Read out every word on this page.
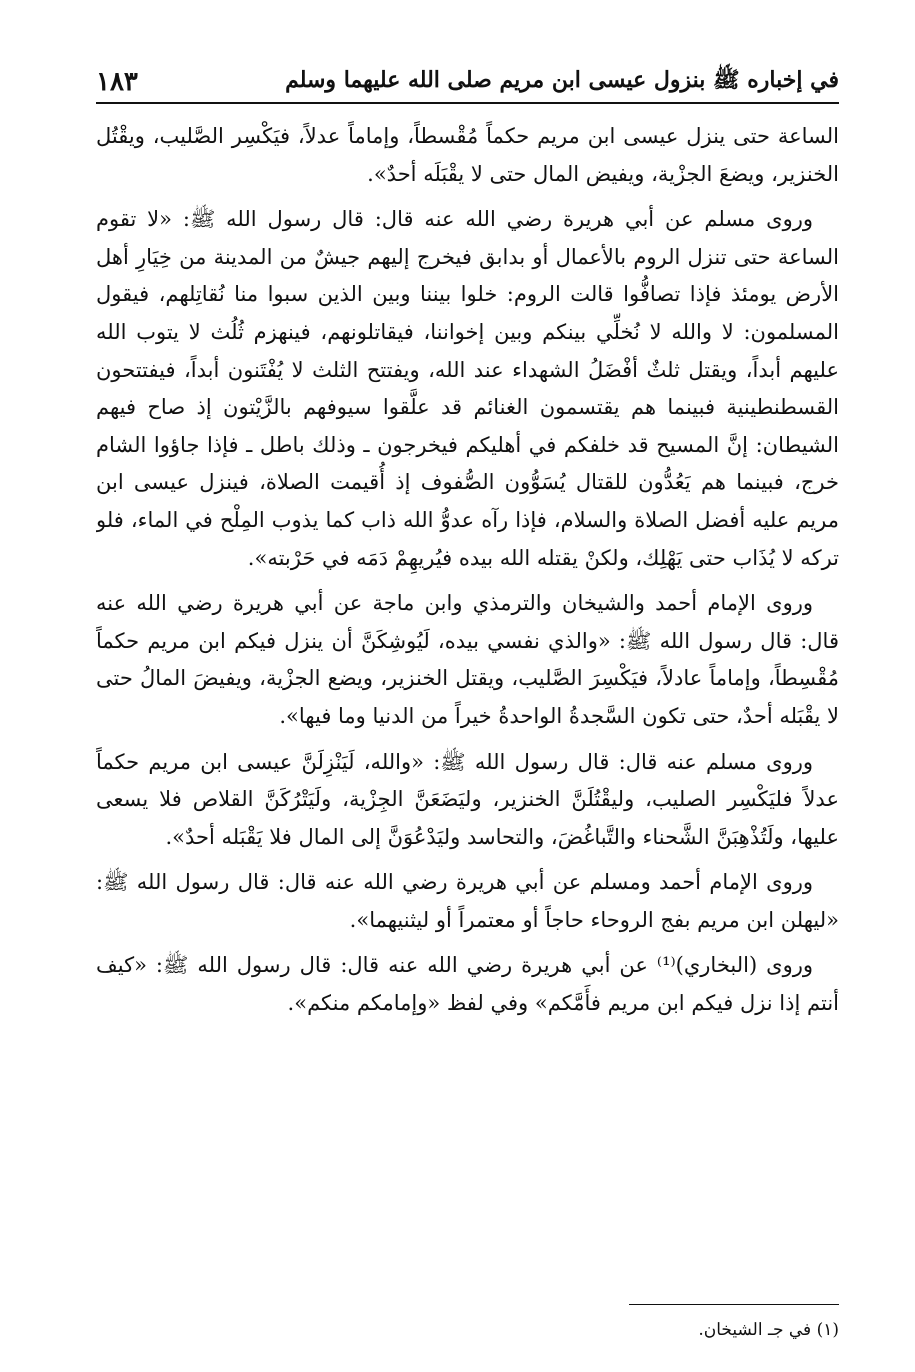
في إخباره ﷺ بنزول عيسى ابن مريم صلى الله عليهما وسلم
١٨٣

الساعة حتى ينزل عيسى ابن مريم حكماً مُقْسطاً، وإماماً عدلاً، فيَكْسِر الصَّليب، ويقْتُل الخنزير، ويضعَ الجزْية، ويفيض المال حتى لا يقْبَلَه أحدٌ».

وروى مسلم عن أبي هريرة رضي الله عنه قال: قال رسول الله ﷺ: «لا تقوم الساعة حتى تنزل الروم بالأعمال أو بدابق فيخرج إليهم جيشٌ من المدينة من خِيَارِ أهل الأرض يومئذ فإذا تصافُّوا قالت الروم: خلوا بيننا وبين الذين سبوا منا نُقاتِلهم، فيقول المسلمون: لا والله لا نُخلِّي بينكم وبين إخواننا، فيقاتلونهم، فينهزم ثُلُث لا يتوب الله عليهم أبداً، ويقتل ثلثٌ أفْضَلُ الشهداء عند الله، ويفتتح الثلث لا يُفْتَنون أبداً، فيفتتحون القسطنطينية فبينما هم يقتسمون الغنائم قد علَّقوا سيوفهم بالزَّيْتون إذ صاح فيهم الشيطان: إنَّ المسيح قد خلفكم في أهليكم فيخرجون ـ وذلك باطل ـ فإذا جاؤوا الشام خرج، فبينما هم يَعُدُّون للقتال يُسَوُّون الصُّفوف إذ أُقيمت الصلاة، فينزل عيسى ابن مريم عليه أفضل الصلاة والسلام، فإذا رآه عدوُّ الله ذاب كما يذوب المِلْح في الماء، فلو تركه لا يُذَاب حتى يَهْلِك، ولكنْ يقتله الله بيده فيُريهِمْ دَمَه في حَرْبته».

وروى الإمام أحمد والشيخان والترمذي وابن ماجة عن أبي هريرة رضي الله عنه قال: قال رسول الله ﷺ: «والذي نفسي بيده، لَيُوشِكَنَّ أن ينزل فيكم ابن مريم حكماً مُقْسِطاً، وإماماً عادلاً، فيَكْسِرَ الصَّليب، ويقتل الخنزير، ويضع الجزْية، ويفيضَ المالُ حتى لا يقْبَله أحدٌ، حتى تكون السَّجدةُ الواحدةُ خيراً من الدنيا وما فيها».

وروى مسلم عنه قال: قال رسول الله ﷺ: «والله، لَيَنْزِلَنَّ عيسى ابن مريم حكماً عدلاً فليَكْسِر الصليب، وليقْتُلَنَّ الخنزير، وليَضَعَنَّ الجِزْية، ولَيَتْرُكَنَّ القلاص فلا يسعى عليها، ولَتُذْهِبَنَّ الشَّحناء والتَّباغُضَ، والتحاسد وليَدْعُوَنَّ إلى المال فلا يَقْبَله أحدٌ».

وروى الإمام أحمد ومسلم عن أبي هريرة رضي الله عنه قال: قال رسول الله ﷺ: «ليهلن ابن مريم بفج الروحاء حاجاً أو معتمراً أو ليثنيهما».

وروى (البخاري)⁽¹⁾ عن أبي هريرة رضي الله عنه قال: قال رسول الله ﷺ: «كيف أنتم إذا نزل فيكم ابن مريم فأَمَّكم» وفي لفظ «وإمامكم منكم».

(١) في جـ الشيخان.
